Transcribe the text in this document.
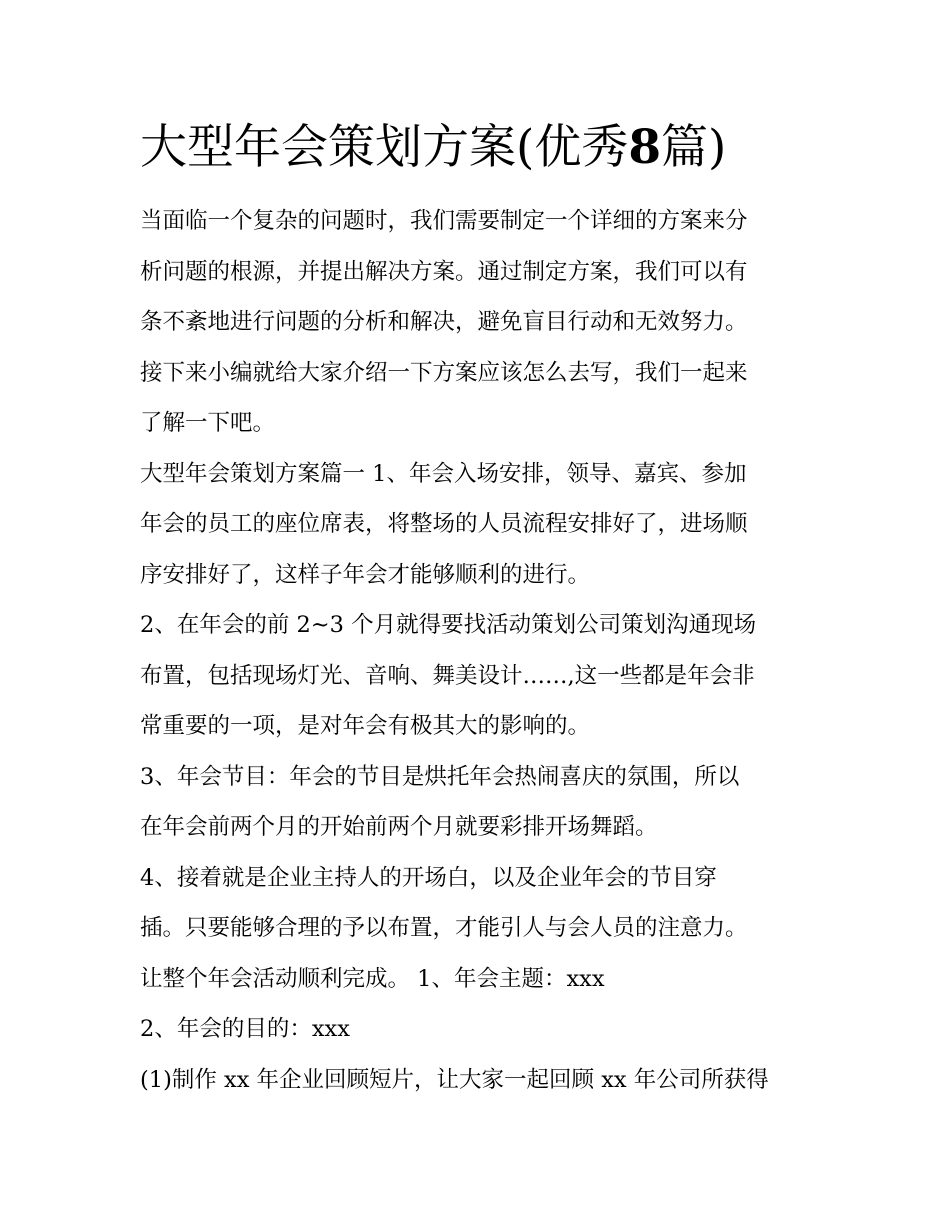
大型年会策划方案(优秀8篇)
当面临一个复杂的问题时，我们需要制定一个详细的方案来分
析问题的根源，并提出解决方案。通过制定方案，我们可以有
条不紊地进行问题的分析和解决，避免盲目行动和无效努力。
接下来小编就给大家介绍一下方案应该怎么去写，我们一起来
了解一下吧。
大型年会策划方案篇一 1、年会入场安排，领导、嘉宾、参加
年会的员工的座位席表，将整场的人员流程安排好了，进场顺
序安排好了，这样子年会才能够顺利的进行。
2、在年会的前 2~3 个月就得要找活动策划公司策划沟通现场
布置，包括现场灯光、音响、舞美设计……,这一些都是年会非
常重要的一项，是对年会有极其大的影响的。
3、年会节目：年会的节目是烘托年会热闹喜庆的氛围，所以
在年会前两个月的开始前两个月就要彩排开场舞蹈。
4、接着就是企业主持人的开场白，以及企业年会的节目穿
插。只要能够合理的予以布置，才能引人与会人员的注意力。
让整个年会活动顺利完成。 1、年会主题：xxx
2、年会的目的：xxx
(1)制作 xx 年企业回顾短片，让大家一起回顾 xx 年公司所获得
